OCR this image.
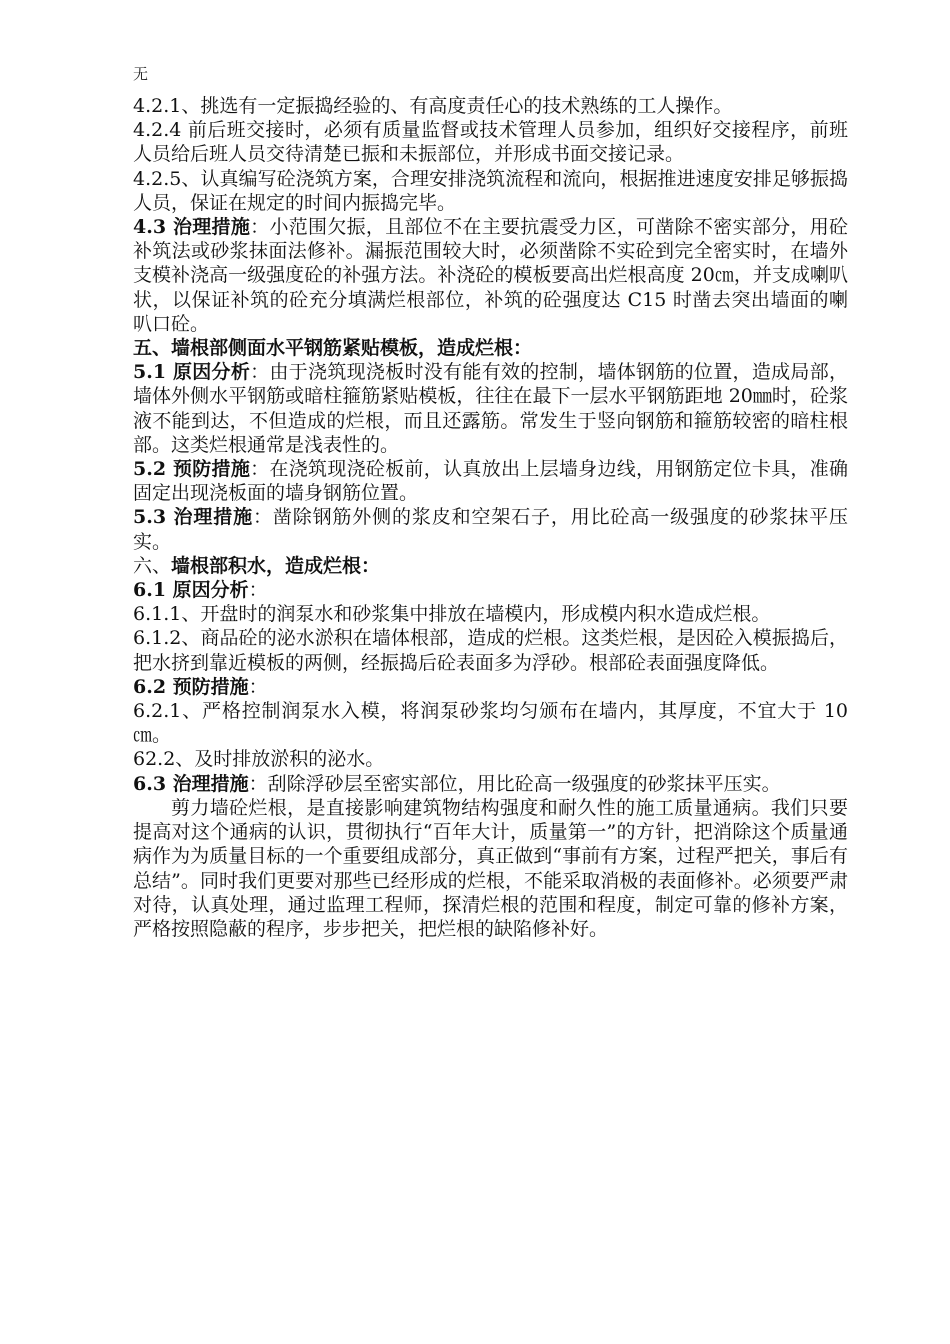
无

4.2.1、挑选有一定振捣经验的、有高度责任心的技术熟练的工人操作。

4.2.4 前后班交接时，必须有质量监督或技术管理人员参加，组织好交接程序，前班人员给后班人员交待清楚已振和未振部位，并形成书面交接记录。

4.2.5、认真编写砼浇筑方案，合理安排浇筑流程和流向，根据推进速度安排足够振捣人员，保证在规定的时间内振捣完毕。

4.3 治理措施：小范围欠振，且部位不在主要抗震受力区，可凿除不密实部分，用砼补筑法或砂浆抹面法修补。漏振范围较大时，必须凿除不实砼到完全密实时，在墙外支模补浇高一级强度砼的补强方法。补浇砼的模板要高出烂根高度 20㎝，并支成喇叭状，以保证补筑的砼充分填满烂根部位，补筑的砼强度达 C15 时凿去突出墙面的喇叭口砼。

五、墙根部侧面水平钢筋紧贴模板，造成烂根：

5.1 原因分析：由于浇筑现浇板时没有能有效的控制，墙体钢筋的位置，造成局部，墙体外侧水平钢筋或暗柱箍筋紧贴模板，往往在最下一层水平钢筋距地 20㎜时，砼浆液不能到达，不但造成的烂根，而且还露筋。常发生于竖向钢筋和箍筋较密的暗柱根部。这类烂根通常是浅表性的。

5.2 预防措施：在浇筑现浇砼板前，认真放出上层墙身边线，用钢筋定位卡具，准确固定出现浇板面的墙身钢筋位置。

5.3 治理措施：凿除钢筋外侧的浆皮和空架石子，用比砼高一级强度的砂浆抹平压实。

六、墙根部积水，造成烂根：

6.1 原因分析：

6.1.1、开盘时的润泵水和砂浆集中排放在墙模内，形成模内积水造成烂根。

6.1.2、商品砼的泌水淤积在墙体根部，造成的烂根。这类烂根，是因砼入模振捣后，把水挤到靠近模板的两侧，经振捣后砼表面多为浮砂。根部砼表面强度降低。

6.2 预防措施：

6.2.1、严格控制润泵水入模，将润泵砂浆均匀颁布在墙内，其厚度，不宜大于 10㎝。

62.2、及时排放淤积的泌水。

6.3 治理措施：刮除浮砂层至密实部位，用比砼高一级强度的砂浆抹平压实。

剪力墙砼烂根，是直接影响建筑物结构强度和耐久性的施工质量通病。我们只要提高对这个通病的认识，贯彻执行“百年大计，质量第一”的方针，把消除这个质量通病作为为质量目标的一个重要组成部分，真正做到“事前有方案，过程严把关，事后有总结”。同时我们更要对那些已经形成的烂根，不能采取消极的表面修补。必须要严肃对待，认真处理，通过监理工程师，探清烂根的范围和程度，制定可靠的修补方案，严格按照隐蔽的程序，步步把关，把烂根的缺陷修补好。
